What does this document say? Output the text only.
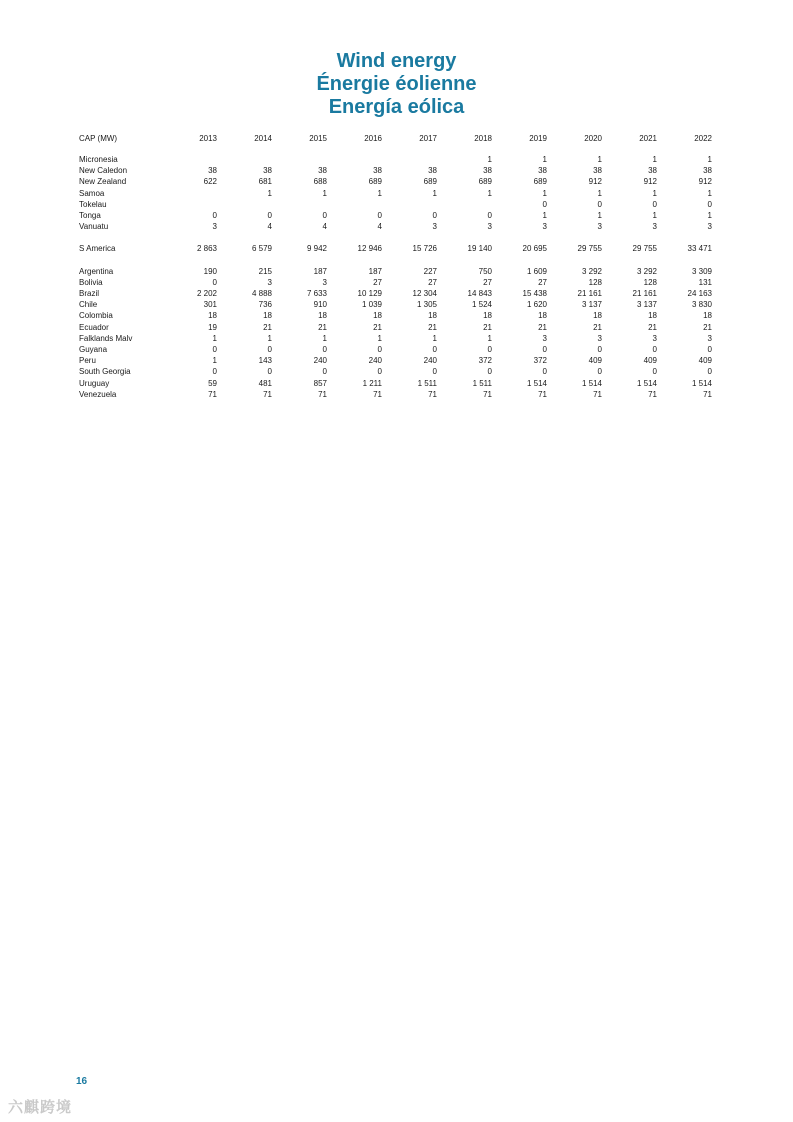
Wind energy
Énergie éolienne
Energía eólica
CAP (MW)	2013	2014	2015	2016	2017	2018	2019	2020	2021	2022

Micronesia						1	1	1	1	1
New Caledon	38	38	38	38	38	38	38	38	38	38
New Zealand	622	681	688	689	689	689	689	912	912	912
Samoa		1	1	1	1	1	1	1	1	1
Tokelau							0	0	0	0
Tonga	0	0	0	0	0	0	1	1	1	1
Vanuatu	3	4	4	4	3	3	3	3	3	3

S America	2 863	6 579	9 942	12 946	15 726	19 140	20 695	29 755	29 755	33 471

Argentina	190	215	187	187	227	750	1 609	3 292	3 292	3 309
Bolivia	0	3	3	27	27	27	27	128	128	131
Brazil	2 202	4 888	7 633	10 129	12 304	14 843	15 438	21 161	21 161	24 163
Chile	301	736	910	1 039	1 305	1 524	1 620	3 137	3 137	3 830
Colombia	18	18	18	18	18	18	18	18	18	18
Ecuador	19	21	21	21	21	21	21	21	21	21
Falklands Malv	1	1	1	1	1	1	3	3	3	3
Guyana	0	0	0	0	0	0	0	0	0	0
Peru	1	143	240	240	240	372	372	409	409	409
South Georgia	0	0	0	0	0	0	0	0	0	0
Uruguay	59	481	857	1 211	1 511	1 511	1 514	1 514	1 514	1 514
Venezuela	71	71	71	71	71	71	71	71	71	71
16
六麒跨境
